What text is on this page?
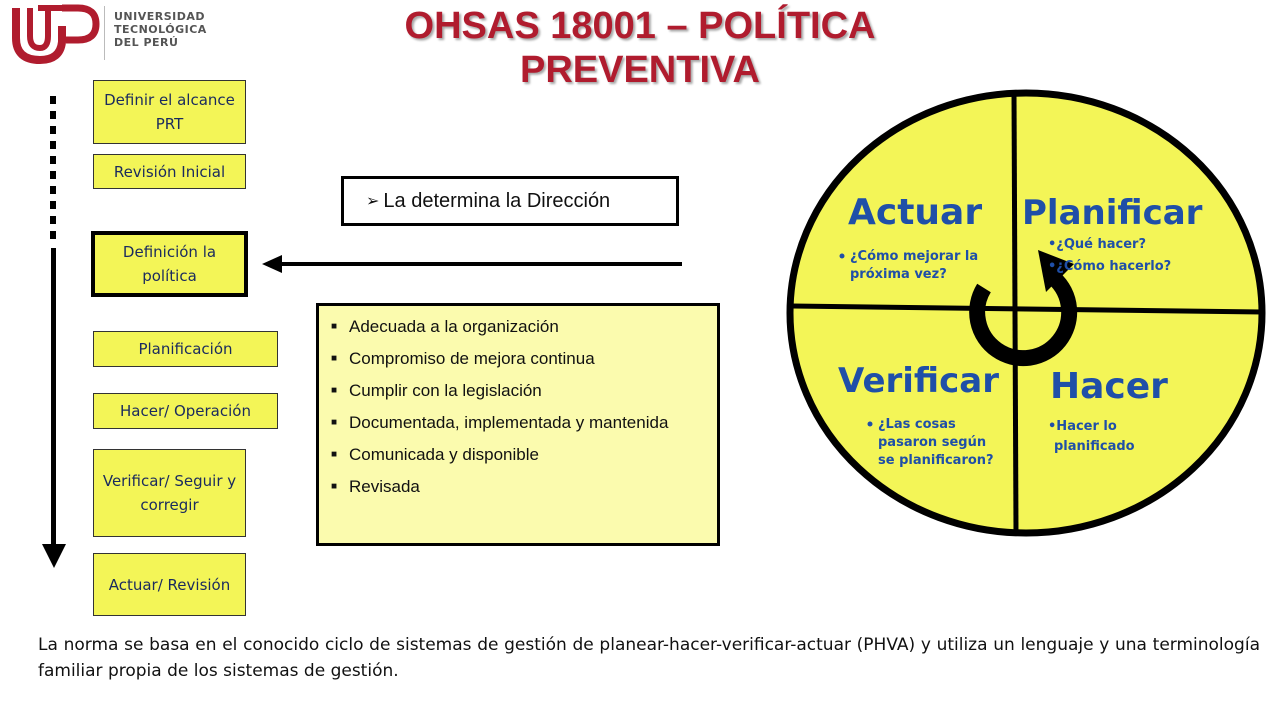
UNIVERSIDAD
TECNOLÓGICA
DEL PERÚ	OHSAS 18001 – POLÍTICA
PREVENTIVA
Definir el alcance PRT
Revisión Inicial
Definición la política
Planificación
Hacer/ Operación
Verificar/ Seguir y corregir
Actuar/ Revisión
➢ La determina la Dirección
■ Adecuada a la organización
■ Compromiso de mejora continua
■ Cumplir con la legislación
■ Documentada, implementada y mantenida
■ Comunicada y disponible
■ Revisada
Actuar
¿Cómo mejorar la
próxima vez?
Planificar
•¿Qué hacer?
•¿Cómo hacerlo?
Verificar
¿Las cosas
pasaron según
se planificaron?
Hacer
•Hacer lo
planificado
La norma se basa en el conocido ciclo de sistemas de gestión de planear-hacer-verificar-actuar (PHVA) y utiliza un lenguaje y una terminología familiar propia de los sistemas de gestión.
